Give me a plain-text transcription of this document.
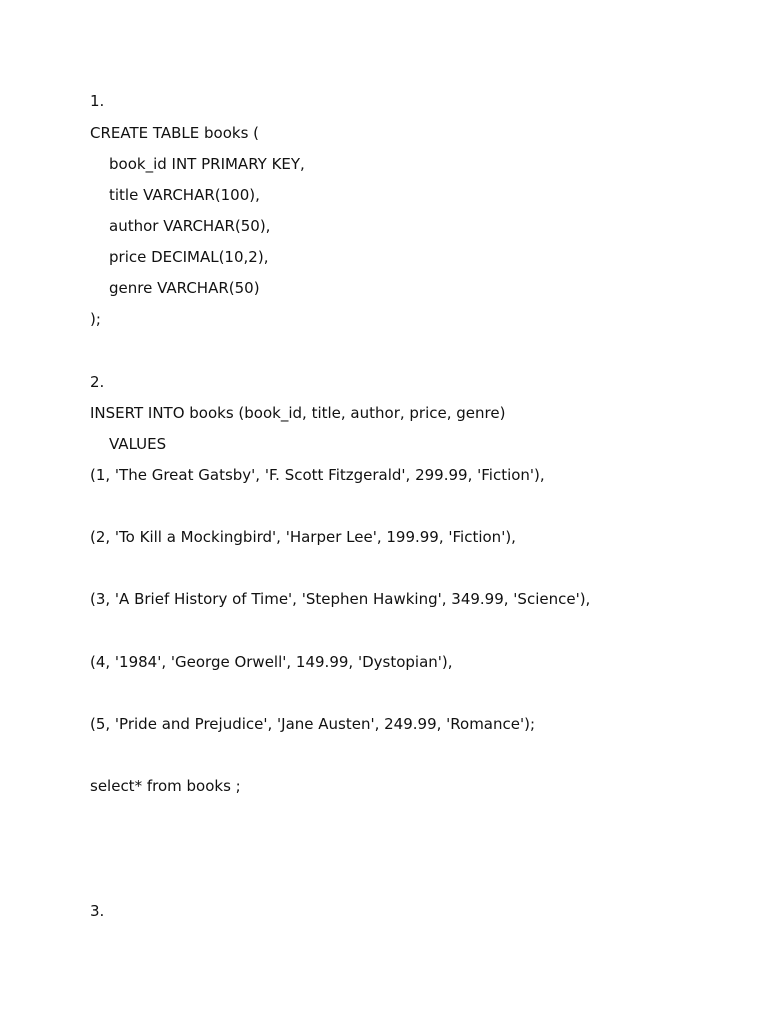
1.
CREATE TABLE books (
book_id INT PRIMARY KEY,
title VARCHAR(100),
author VARCHAR(50),
price DECIMAL(10,2),
genre VARCHAR(50)
);
2.
INSERT INTO books (book_id, title, author, price, genre)
VALUES
(1, 'The Great Gatsby', 'F. Scott Fitzgerald', 299.99, 'Fiction'),
(2, 'To Kill a Mockingbird', 'Harper Lee', 199.99, 'Fiction'),
(3, 'A Brief History of Time', 'Stephen Hawking', 349.99, 'Science'),
(4, '1984', 'George Orwell', 149.99, 'Dystopian'),
(5, 'Pride and Prejudice', 'Jane Austen', 249.99, 'Romance');
select* from books ;
3.
